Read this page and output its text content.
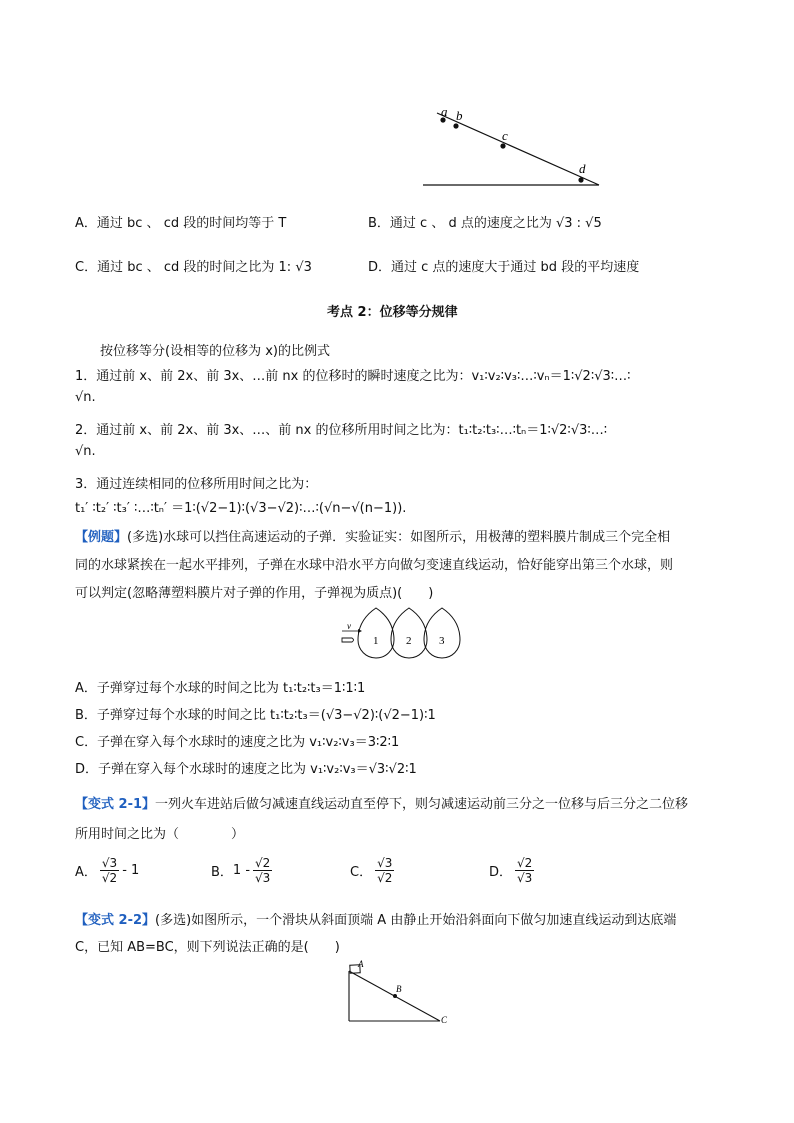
a b
c
d
A．通过 bc 、 cd 段的时间均等于 T	B．通过 c 、 d 点的速度之比为 √3 : √5
C．通过 bc 、 cd 段的时间之比为 1: √3	D．通过 c 点的速度大于通过 bd 段的平均速度
考点 2：位移等分规律
按位移等分(设相等的位移为 x)的比例式
1．通过前 x、前 2x、前 3x、…前 nx 的位移时的瞬时速度之比为：v₁∶v₂∶v₃∶…∶vₙ＝1∶√2∶√3∶…∶
√n.
2．通过前 x、前 2x、前 3x、…、前 nx 的位移所用时间之比为：t₁∶t₂∶t₃∶…∶tₙ＝1∶√2∶√3∶…∶
√n.
3．通过连续相同的位移所用时间之比为：
t₁′ ∶t₂′ ∶t₃′ ∶…∶tₙ′ ＝1∶(√2−1)∶(√3−√2)∶…∶(√n−√(n−1)).
【例题】(多选)水球可以挡住高速运动的子弹．实验证实：如图所示，用极薄的塑料膜片制成三个完全相
同的水球紧挨在一起水平排列，子弹在水球中沿水平方向做匀变速直线运动，恰好能穿出第三个水球，则
可以判定(忽略薄塑料膜片对子弹的作用，子弹视为质点)(　　)
v
1	2	3
A．子弹穿过每个水球的时间之比为 t₁∶t₂∶t₃＝1∶1∶1
B．子弹穿过每个水球的时间之比 t₁∶t₂∶t₃＝(√3−√2)∶(√2−1)∶1
C．子弹在穿入每个水球时的速度之比为 v₁∶v₂∶v₃＝3∶2∶1
D．子弹在穿入每个水球时的速度之比为 v₁∶v₂∶v₃＝√3∶√2∶1
【变式 2-1】一列火车进站后做匀减速直线运动直至停下，则匀减速运动前三分之一位移与后三分之二位移
所用时间之比为（　　　　）
A． $\frac{√3}{√2} - 1$	B． $1 - \frac{√2}{√3}$	C． $\frac{√3}{√2}$	D． $\frac{√2}{√3}$
【变式 2-2】(多选)如图所示，一个滑块从斜面顶端 A 由静止开始沿斜面向下做匀加速直线运动到达底端
C，已知 AB=BC，则下列说法正确的是(　　)
A
B
C
